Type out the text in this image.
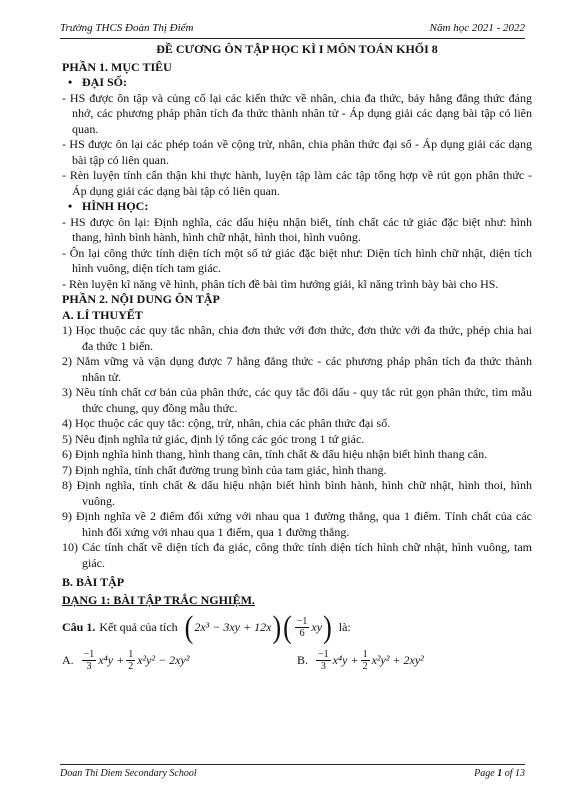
Trường THCS Đoàn Thị Điểm	Năm học 2021 - 2022

ĐỀ CƯƠNG ÔN TẬP HỌC KÌ I MÔN TOÁN KHỐI 8

PHẦN 1. MỤC TIÊU

• ĐẠI SỐ:

- HS được ôn tập và củng cố lại các kiến thức về nhân, chia đa thức, bảy hằng đẳng thức đáng nhớ, các phương pháp phân tích đa thức thành nhân tử - Áp dụng giải các dạng bài tập có liên quan.

- HS được ôn lại các phép toán về cộng trừ, nhân, chia phân thức đại số - Áp dụng giải các dạng bài tập có liên quan.

- Rèn luyện tính cẩn thận khi thực hành, luyện tập làm các tập tổng hợp về rút gọn phân thức - Áp dụng giải các dạng bài tập có liên quan.

• HÌNH HỌC:

- HS được ôn lại: Định nghĩa, các dấu hiệu nhận biết, tính chất các tứ giác đặc biệt như: hình thang, hình bình hành, hình chữ nhật, hình thoi, hình vuông.

- Ôn lại công thức tính diện tích một số tứ giác đặc biệt như: Diện tích hình chữ nhật, diện tích hình vuông, diện tích tam giác.

- Rèn luyện kĩ năng vẽ hình, phân tích đề bài tìm hướng giải, kĩ năng trình bày bài cho HS.

PHẦN 2. NỘI DUNG ÔN TẬP

A. LÍ THUYẾT

1) Học thuộc các quy tắc nhân, chia đơn thức với đơn thức, đơn thức với đa thức, phép chia hai đa thức 1 biến.

2) Nắm vững và vận dụng được 7 hằng đẳng thức - các phương pháp phân tích đa thức thành nhân tử.

3) Nêu tính chất cơ bản của phân thức, các quy tắc đổi dấu - quy tắc rút gọn phân thức, tìm mẫu thức chung, quy đồng mẫu thức.

4) Học thuộc các quy tắc: cộng, trừ, nhân, chia các phân thức đại số.

5) Nêu định nghĩa tứ giác, định lý tổng các góc trong 1 tứ giác.

6) Định nghĩa hình thang, hình thang cân, tính chất & dấu hiệu nhận biết hình thang cân.

7) Định nghĩa, tính chất đường trung bình của tam giác, hình thang.

8) Định nghĩa, tính chất & dấu hiệu nhận biết hình bình hành, hình chữ nhật, hình thoi, hình vuông.

9) Định nghĩa về 2 điểm đối xứng với nhau qua 1 đường thẳng, qua 1 điểm. Tính chất của các hình đối xứng với nhau qua 1 điểm, qua 1 đường thẳng.

10) Các tính chất về diện tích đa giác, công thức tính diện tích hình chữ nhật, hình vuông, tam giác.

B. BÀI TẬP

DẠNG 1: BÀI TẬP TRẮC NGHIỆM.

Câu 1. Kết quả của tích ( 2x³ − 3xy + 12x ) ( $\frac{-1}{6}$ xy ) là:
A. $\frac{-1}{3} x^4y + \frac{1}{2} x^2y^2 - 2xy^2$	B. $\frac{-1}{3} x^4y + \frac{1}{2} x^2y^2 + 2xy^2$
Doan Thi Diem Secondary School	Page 1 of 13
